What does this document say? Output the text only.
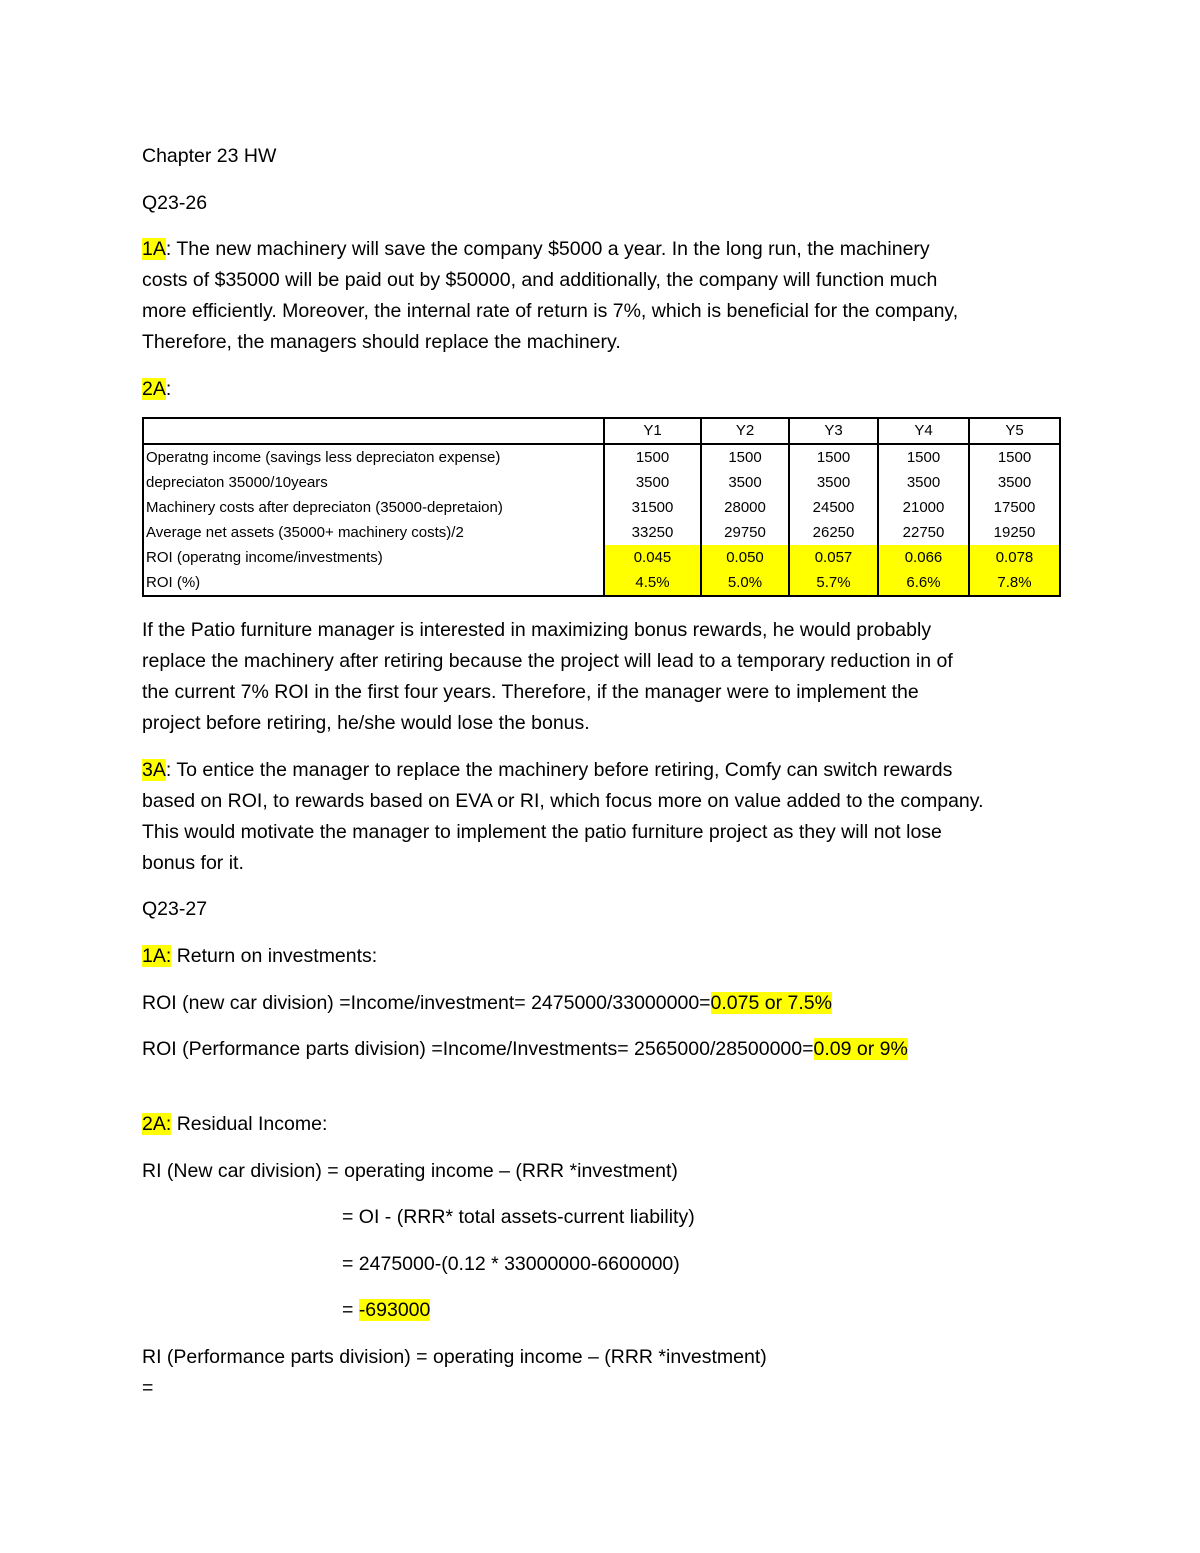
Chapter 23 HW
Q23-26
1A: The new machinery will save the company $5000 a year. In the long run, the machinery
costs of $35000 will be paid out by $50000, and additionally, the company will function much
more efficiently. Moreover, the internal rate of return is 7%, which is beneficial for the company,
Therefore, the managers should replace the machinery.
2A:
	Y1	Y2	Y3	Y4	Y5
Operatng income (savings less depreciaton expense)	1500	1500	1500	1500	1500
depreciaton 35000/10years	3500	3500	3500	3500	3500
Machinery costs after depreciaton (35000-depretaion)	31500	28000	24500	21000	17500
Average net assets (35000+ machinery costs)/2	33250	29750	26250	22750	19250
ROI (operatng income/investments)	0.045	0.050	0.057	0.066	0.078
ROI (%)	4.5%	5.0%	5.7%	6.6%	7.8%
If the Patio furniture manager is interested in maximizing bonus rewards, he would probably
replace the machinery after retiring because the project will lead to a temporary reduction in of
the current 7% ROI in the first four years. Therefore, if the manager were to implement the
project before retiring, he/she would lose the bonus.
3A: To entice the manager to replace the machinery before retiring, Comfy can switch rewards
based on ROI, to rewards based on EVA or RI, which focus more on value added to the company.
This would motivate the manager to implement the patio furniture project as they will not lose
bonus for it.
Q23-27
1A: Return on investments:
ROI (new car division) =Income/investment= 2475000/33000000=0.075 or 7.5%
ROI (Performance parts division) =Income/Investments= 2565000/28500000=0.09 or 9%
2A: Residual Income:
RI (New car division) = operating income – (RRR *investment)
= OI - (RRR* total assets-current liability)
= 2475000-(0.12 * 33000000-6600000)
= -693000
RI (Performance parts division) = operating income – (RRR *investment)
=
